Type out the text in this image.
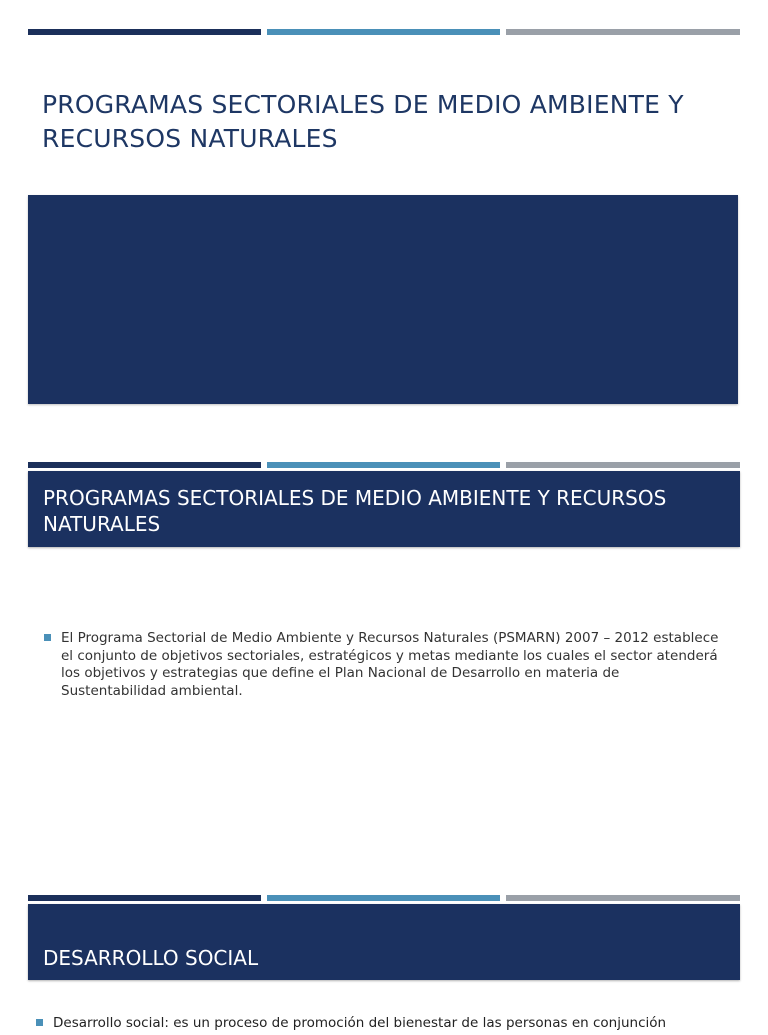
PROGRAMAS SECTORIALES DE MEDIO AMBIENTE Y RECURSOS NATURALES
PROGRAMAS SECTORIALES DE MEDIO AMBIENTE Y RECURSOS NATURALES
El Programa Sectorial de Medio Ambiente y Recursos Naturales (PSMARN) 2007 – 2012 establece el conjunto de objetivos sectoriales, estratégicos y metas mediante los cuales el sector atenderá los objetivos y estrategias que define el Plan Nacional de Desarrollo en materia de Sustentabilidad ambiental.
DESARROLLO SOCIAL
Desarrollo social: es un proceso de promoción del bienestar de las personas en conjunción
